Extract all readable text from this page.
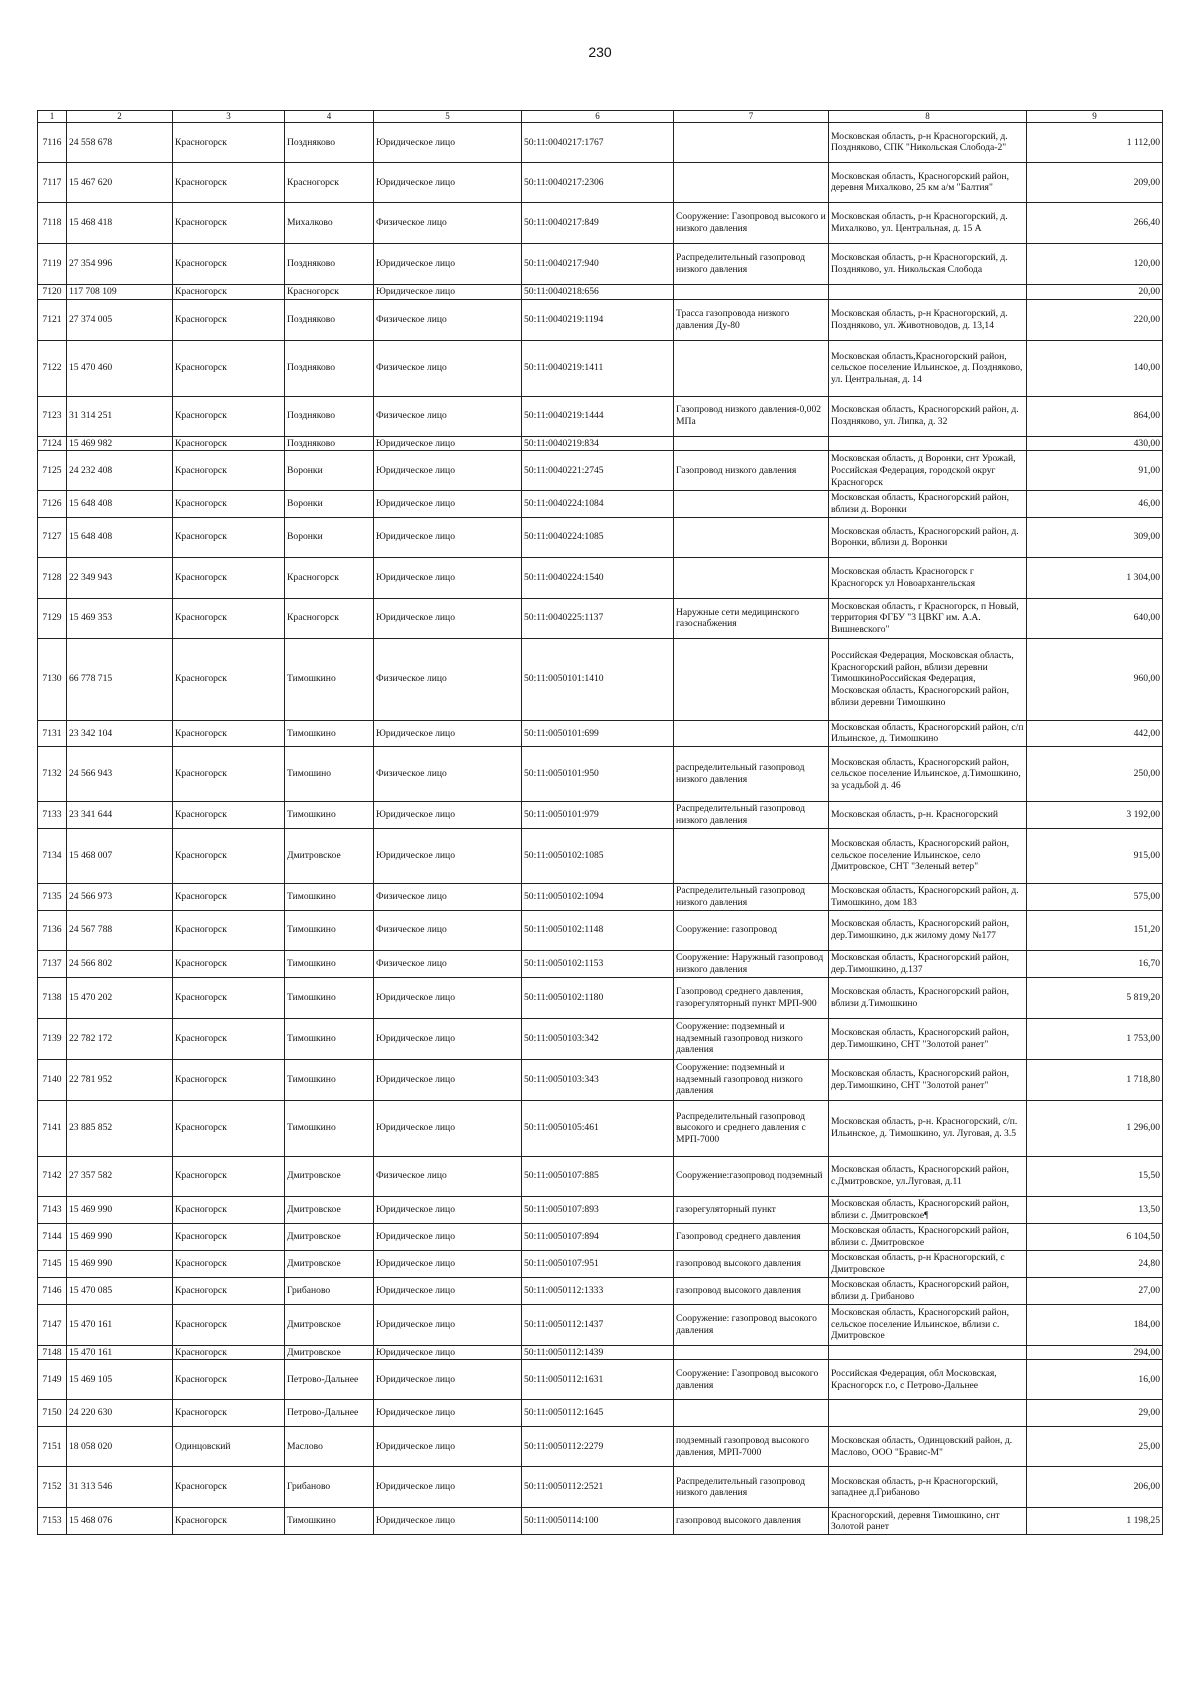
230
1	2	3	4	5	6	7	8	9
7116	24 558 678	Красногорск	Поздняково	Юридическое лицо	50:11:0040217:1767		Московская область, р-н Красногорский, д. Поздняково, СПК "Никольская Слобода-2"	1 112,00
7117	15 467 620	Красногорск	Красногорск	Юридическое лицо	50:11:0040217:2306		Московская область, Красногорский район, деревня Михалково, 25 км а/м "Балтия"	209,00
7118	15 468 418	Красногорск	Михалково	Физическое лицо	50:11:0040217:849	Сооружение: Газопровод высокого и низкого давления	Московская область, р-н Красногорский, д. Михалково, ул. Центральная, д. 15 А	266,40
7119	27 354 996	Красногорск	Поздняково	Юридическое лицо	50:11:0040217:940	Распределительный газопровод низкого давления	Московская область, р-н Красногорский, д. Поздняково, ул. Никольская Слобода	120,00
7120	117 708 109	Красногорск	Красногорск	Юридическое лицо	50:11:0040218:656			20,00
7121	27 374 005	Красногорск	Поздняково	Физическое лицо	50:11:0040219:1194	Трасса газопровода низкого давления Ду-80	Московская область, р-н Красногорский, д. Поздняково, ул. Животноводов, д. 13,14	220,00
7122	15 470 460	Красногорск	Поздняково	Физическое лицо	50:11:0040219:1411		Московская область,Красногорский район, сельское поселение Ильинское, д. Поздняково, ул. Центральная, д. 14	140,00
7123	31 314 251	Красногорск	Поздняково	Физическое лицо	50:11:0040219:1444	Газопровод низкого давления-0,002 МПа	Московская область, Красногорский район, д. Поздняково, ул. Липка, д. 32	864,00
7124	15 469 982	Красногорск	Поздняково	Юридическое лицо	50:11:0040219:834			430,00
7125	24 232 408	Красногорск	Воронки	Юридическое лицо	50:11:0040221:2745	Газопровод низкого давления	Московская область, д Воронки, снт Урожай, Российская Федерация, городской округ Красногорск	91,00
7126	15 648 408	Красногорск	Воронки	Юридическое лицо	50:11:0040224:1084		Московская область, Красногорский район, вблизи д. Воронки	46,00
7127	15 648 408	Красногорск	Воронки	Юридическое лицо	50:11:0040224:1085		Московская область, Красногорский район, д. Воронки, вблизи д. Воронки	309,00
7128	22 349 943	Красногорск	Красногорск	Юридическое лицо	50:11:0040224:1540		Московская область Красногорск г Красногорск ул Новоарханrельская	1 304,00
7129	15 469 353	Красногорск	Красногорск	Юридическое лицо	50:11:0040225:1137	Наружные сети медицинского газоснабжения	Московская область, г Красногорск, п Новый, территория ФГБУ "3 ЦВКГ им. А.А. Вишневского"	640,00
7130	66 778 715	Красногорск	Тимошкино	Физическое лицо	50:11:0050101:1410		Российская Федерация, Московская область, Красногорский район, вблизи деревни ТимошкиноРоссийская Федерация, Московская область, Красногорский район, вблизи деревни Тимошкино	960,00
7131	23 342 104	Красногорск	Тимошкино	Юридическое лицо	50:11:0050101:699		Московская область, Красногорский район, с/п Ильинское, д. Тимошкино	442,00
7132	24 566 943	Красногорск	Тимошино	Физическое лицо	50:11:0050101:950	распределительный газопровод низкого давления	Московская область, Красногорский район, сельское поселение Ильинское, д.Тимошкино, за усадьбой д. 46	250,00
7133	23 341 644	Красногорск	Тимошкино	Юридическое лицо	50:11:0050101:979	Распределительный газопровод низкого давления	Московская область, р-н. Красногорский	3 192,00
7134	15 468 007	Красногорск	Дмитровское	Юридическое лицо	50:11:0050102:1085		Московская область, Красногорский район, сельское поселение Ильинское, село Дмитровское, СНТ "Зеленый ветер"	915,00
7135	24 566 973	Красногорск	Тимошкино	Физическое лицо	50:11:0050102:1094	Распределительный газопровод низкого давления	Московская область, Красногорский район, д. Тимошкино, дом 183	575,00
7136	24 567 788	Красногорск	Тимошкино	Физическое лицо	50:11:0050102:1148	Сооружение: газопровод	Московская область, Красногорский район, дер.Тимошкино, д.к жилому дому №177	151,20
7137	24 566 802	Красногорск	Тимошкино	Физическое лицо	50:11:0050102:1153	Сооружение: Наружный газопровод низкого давления	Московская область, Красногорский район, дер.Тимошкино, д.137	16,70
7138	15 470 202	Красногорск	Тимошкино	Юридическое лицо	50:11:0050102:1180	Газопровод среднего давления, газорегуляторный пункт МРП-900	Московская область, Красногорский район, вблизи д.Тимошкино	5 819,20
7139	22 782 172	Красногорск	Тимошкино	Юридическое лицо	50:11:0050103:342	Сооружение: подземный и надземный газопровод низкого давления	Московская область, Красногорский район, дер.Тимошкино, СНТ "Золотой ранет"	1 753,00
7140	22 781 952	Красногорск	Тимошкино	Юридическое лицо	50:11:0050103:343	Сооружение: подземный и надземный газопровод низкого давления	Московская область, Красногорский район, дер.Тимошкино, СНТ "Золотой ранет"	1 718,80
7141	23 885 852	Красногорск	Тимошкино	Юридическое лицо	50:11:0050105:461	Распределительный газопровод высокого и среднего давления с МРП-7000	Московская область, р-н. Красногорский, с/п. Ильинское, д. Тимошкино, ул. Луговая, д. 3.5	1 296,00
7142	27 357 582	Красногорск	Дмитровское	Физическое лицо	50:11:0050107:885	Сооружение:газопровод подземный	Московская область, Красногорский район, с.Дмитровское, ул.Луговая, д.11	15,50
7143	15 469 990	Красногорск	Дмитровское	Юридическое лицо	50:11:0050107:893	газорегуляторный пункт	Московская область, Красногорский район, вблизи с. Дмитровское¶	13,50
7144	15 469 990	Красногорск	Дмитровское	Юридическое лицо	50:11:0050107:894	Газопровод среднего давления	Московская область, Красногорский район, вблизи с. Дмитровское	6 104,50
7145	15 469 990	Красногорск	Дмитровское	Юридическое лицо	50:11:0050107:951	газопровод высокого давления	Московская область, р-н Красногорский, с Дмитровское	24,80
7146	15 470 085	Красногорск	Грибаново	Юридическое лицо	50:11:0050112:1333	газопровод высокого давления	Московская область, Красногорский район, вблизи д. Грибаново	27,00
7147	15 470 161	Красногорск	Дмитровское	Юридическое лицо	50:11:0050112:1437	Сооружение: газопровод высокого давления	Московская область, Красногорский район, сельское поселение Ильинское, вблизи с. Дмитровское	184,00
7148	15 470 161	Красногорск	Дмитровское	Юридическое лицо	50:11:0050112:1439			294,00
7149	15 469 105	Красногорск	Петрово-Дальнее	Юридическое лицо	50:11:0050112:1631	Сооружение: Газопровод высокого давления	Российская Федерация, обл Московская, Красногорск г.о, с Петрово-Дальнее	16,00
7150	24 220 630	Красногорск	Петрово-Дальнее	Юридическое лицо	50:11:0050112:1645			29,00
7151	18 058 020	Одинцовский	Маслово	Юридическое лицо	50:11:0050112:2279	подземный газопровод высокого давления, МРП-7000	Московская область, Одинцовский район, д. Маслово, ООО "Бравис-М"	25,00
7152	31 313 546	Красногорск	Грибаново	Юридическое лицо	50:11:0050112:2521	Распределительный газопровод низкого давления	Московская область, р-н Красногорский, западнее д.Грибаново	206,00
7153	15 468 076	Красногорск	Тимошкино	Юридическое лицо	50:11:0050114:100	газопровод высокого давления	Красногорский, деревня Тимошкино, снт Золотой ранет	1 198,25
